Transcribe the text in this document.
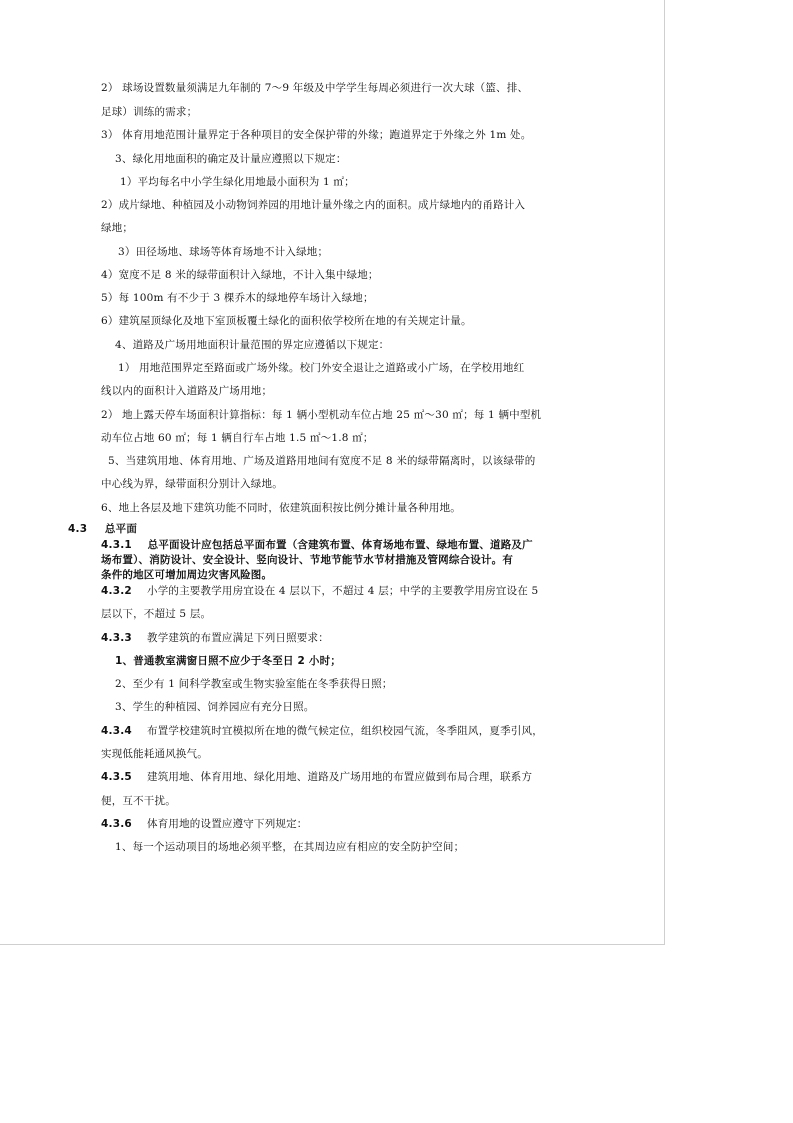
2） 球场设置数量须满足九年制的 7～9 年级及中学学生每周必须进行一次大球（篮、排、
足球）训练的需求；
3） 体育用地范围计量界定于各种项目的安全保护带的外缘；跑道界定于外缘之外 1m 处。
3、绿化用地面积的确定及计量应遵照以下规定：
1）平均每名中小学生绿化用地最小面积为 1 ㎡；
2）成片绿地、种植园及小动物饲养园的用地计量外缘之内的面积。成片绿地内的甬路计入
绿地；
3）田径场地、球场等体育场地不计入绿地；
4）宽度不足 8 米的绿带面积计入绿地，不计入集中绿地；
5）每 100m 有不少于 3 棵乔木的绿地停车场计入绿地；
6）建筑屋顶绿化及地下室顶板覆土绿化的面积依学校所在地的有关规定计量。
4、道路及广场用地面积计量范围的界定应遵循以下规定：
1） 用地范围界定至路面或广场外缘。校门外安全退让之道路或小广场，在学校用地红
线以内的面积计入道路及广场用地；
2） 地上露天停车场面积计算指标：每 1 辆小型机动车位占地 25 ㎡～30 ㎡；每 1 辆中型机
动车位占地 60 ㎡；每 1 辆自行车占地 1.5 ㎡～1.8 ㎡；
5、当建筑用地、体育用地、广场及道路用地间有宽度不足 8 米的绿带隔离时，以该绿带的
中心线为界，绿带面积分别计入绿地。
6、地上各层及地下建筑功能不同时，依建筑面积按比例分摊计量各种用地。
4.3 总平面
4.3.1 总平面设计应包括总平面布置（含建筑布置、体育场地布置、绿地布置、道路及广
场布置）、消防设计、安全设计、竖向设计、节地节能节水节材措施及管网综合设计。有
条件的地区可增加周边灾害风险图。
4.3.2 小学的主要教学用房宜设在 4 层以下，不超过 4 层；中学的主要教学用房宜设在 5
层以下，不超过 5 层。
4.3.3 教学建筑的布置应满足下列日照要求：
1、普通教室满窗日照不应少于冬至日 2 小时；
2、至少有 1 间科学教室或生物实验室能在冬季获得日照；
3、学生的种植园、饲养园应有充分日照。
4.3.4 布置学校建筑时宜模拟所在地的微气候定位，组织校园气流，冬季阻风，夏季引风，
实现低能耗通风换气。
4.3.5 建筑用地、体育用地、绿化用地、道路及广场用地的布置应做到布局合理，联系方
便，互不干扰。
4.3.6 体育用地的设置应遵守下列规定：
1、每一个运动项目的场地必须平整，在其周边应有相应的安全防护空间；
